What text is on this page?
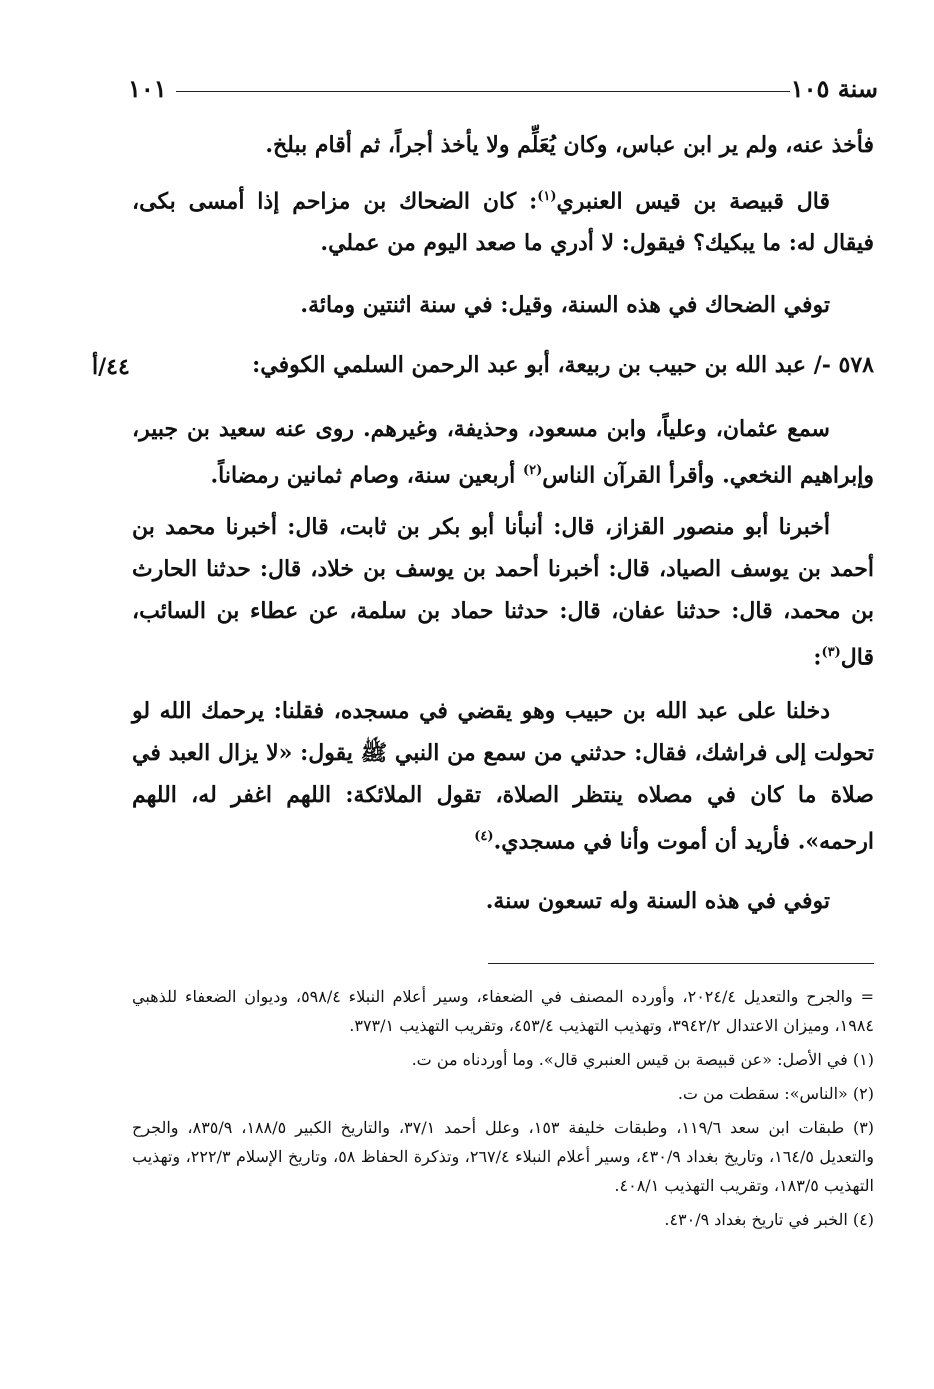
سنة ١٠٥
١٠١

فأخذ عنه، ولم ير ابن عباس، وكان يُعَلِّم ولا يأخذ أجراً، ثم أقام ببلخ.

قال قبيصة بن قيس العنبري$^{(١)}$: كان الضحاك بن مزاحم إذا أمسى بكى، فيقال له: ما يبكيك؟ فيقول: لا أدري ما صعد اليوم من عملي.

توفي الضحاك في هذه السنة، وقيل: في سنة اثنتين ومائة.

٥٧٨ -/ عبد الله بن حبيب بن ربيعة، أبو عبد الرحمن السلمي الكوفي:
٤٤/أ

سمع عثمان، وعلياً، وابن مسعود، وحذيفة، وغيرهم. روى عنه سعيد بن جبير، وإبراهيم النخعي. وأقرأ القرآن الناس$^{(٢)}$ أربعين سنة، وصام ثمانين رمضاناً.

أخبرنا أبو منصور القزاز، قال: أنبأنا أبو بكر بن ثابت، قال: أخبرنا محمد بن أحمد بن يوسف الصياد، قال: أخبرنا أحمد بن يوسف بن خلاد، قال: حدثنا الحارث بن محمد، قال: حدثنا عفان، قال: حدثنا حماد بن سلمة، عن عطاء بن السائب، قال$^{(٣)}$:

دخلنا على عبد الله بن حبيب وهو يقضي في مسجده، فقلنا: يرحمك الله لو تحولت إلى فراشك، فقال: حدثني من سمع من النبي ﷺ يقول: «لا يزال العبد في صلاة ما كان في مصلاه ينتظر الصلاة، تقول الملائكة: اللهم اغفر له، اللهم ارحمه». فأريد أن أموت وأنا في مسجدي.$^{(٤)}$

توفي في هذه السنة وله تسعون سنة.

= والجرح والتعديل ٢٠٢٤/٤، وأورده المصنف في الضعفاء، وسير أعلام النبلاء ٥٩٨/٤، وديوان الضعفاء للذهبي ١٩٨٤، وميزان الاعتدال ٣٩٤٢/٢، وتهذيب التهذيب ٤٥٣/٤، وتقريب التهذيب ٣٧٣/١.

(١) في الأصل: «عن قبيصة بن قيس العنبري قال». وما أوردناه من ت.

(٢) «الناس»: سقطت من ت.

(٣) طبقات ابن سعد ١١٩/٦، وطبقات خليفة ١٥٣، وعلل أحمد ٣٧/١، والتاريخ الكبير ١٨٨/٥، ٨٣٥/٩، والجرح والتعديل ١٦٤/٥، وتاريخ بغداد ٤٣٠/٩، وسير أعلام النبلاء ٢٦٧/٤، وتذكرة الحفاظ ٥٨، وتاريخ الإسلام ٢٢٢/٣، وتهذيب التهذيب ١٨٣/٥، وتقريب التهذيب ٤٠٨/١.

(٤) الخبر في تاريخ بغداد ٤٣٠/٩.
